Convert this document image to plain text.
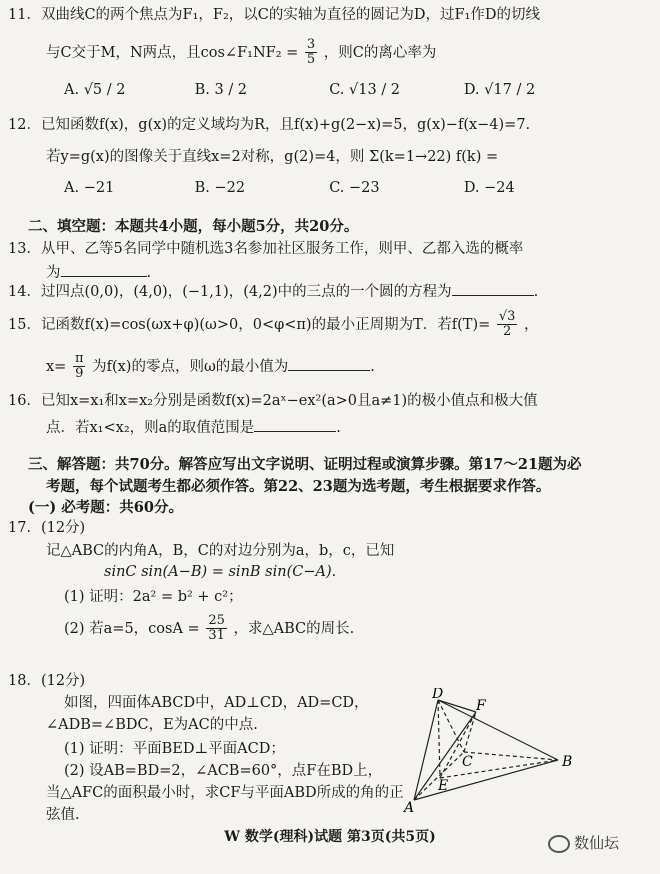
11．双曲线C的两个焦点为F₁，F₂，以C的实轴为直径的圆记为D，过F₁作D的切线
与C交于M，N两点，且cos∠F₁NF₂ = $\frac{3}{5}$ ，则C的离心率为
A. √5 / 2	B. 3 / 2	C. √13 / 2	D. √17 / 2
12．已知函数f(x)，g(x)的定义域均为R，且f(x)+g(2−x)=5，g(x)−f(x−4)=7.
若y=g(x)的图像关于直线x=2对称，g(2)=4，则 Σ(k=1→22) f(k) =
A. −21	B. −22	C. −23	D. −24
二、填空题：本题共4小题，每小题5分，共20分。
13．从甲、乙等5名同学中随机选3名参加社区服务工作，则甲、乙都入选的概率
为	.
14．过四点(0,0)，(4,0)，(−1,1)，(4,2)中的三点的一个圆的方程为	.
15．记函数f(x)=cos(ωx+φ)(ω>0，0<φ<π)的最小正周期为T．若$f(T)= \frac{√3}{2}$ ，
$x= \frac{\pi}{9}$ 为f(x)的零点，则ω的最小值为	.
16．已知x=x₁和x=x₂分别是函数f(x)=2aˣ−ex²(a>0且a≠1)的极小值点和极大值
点．若x₁<x₂，则a的取值范围是	.
三、解答题：共70分。解答应写出文字说明、证明过程或演算步骤。第17～21题为必
考题，每个试题考生都必须作答。第22、23题为选考题，考生根据要求作答。
(一) 必考题：共60分。
17．(12分)
记△ABC的内角A，B，C的对边分别为a，b，c，已知
sinC sin(A−B) = sinB sin(C−A).
(1) 证明：2a² = b² + c²；
(2) 若a=5，$\cos A = \frac{25}{31}$ ，求△ABC的周长.
18．(12分)
如图，四面体ABCD中，AD⊥CD，AD=CD，
∠ADB=∠BDC，E为AC的中点.
(1) 证明：平面BED⊥平面ACD；
(2) 设AB=BD=2，∠ACB=60°，点F在BD上，
当△AFC的面积最小时，求CF与平面ABD所成的角的正
弦值.
D
F
C	B
E
A
W 数学(理科)试题 第3页(共5页)	数仙坛
